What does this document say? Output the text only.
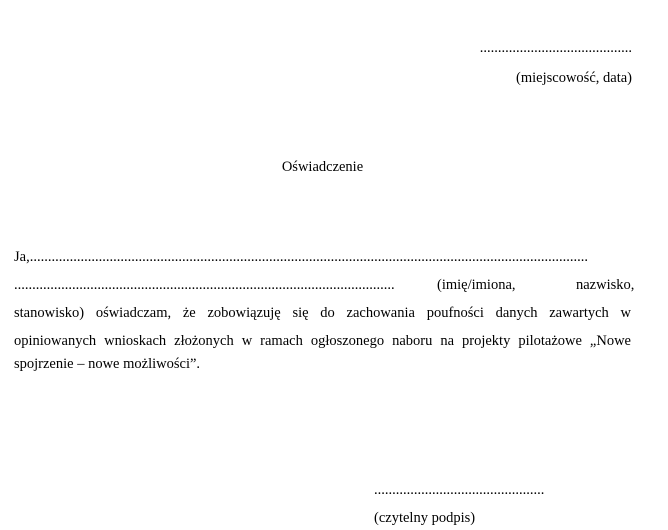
..........................................
(miejscowość, data)
Oświadczenie
Ja,..........................................................................................................................................................
.........................................................................................................	(imię/imiona,	nazwisko,
stanowisko) oświadczam, że zobowiązuję się do zachowania poufności danych zawartych w
opiniowanych wnioskach złożonych w ramach ogłoszonego naboru na projekty pilotażowe „Nowe
spojrzenie – nowe możliwości”.
...............................................
(czytelny podpis)
